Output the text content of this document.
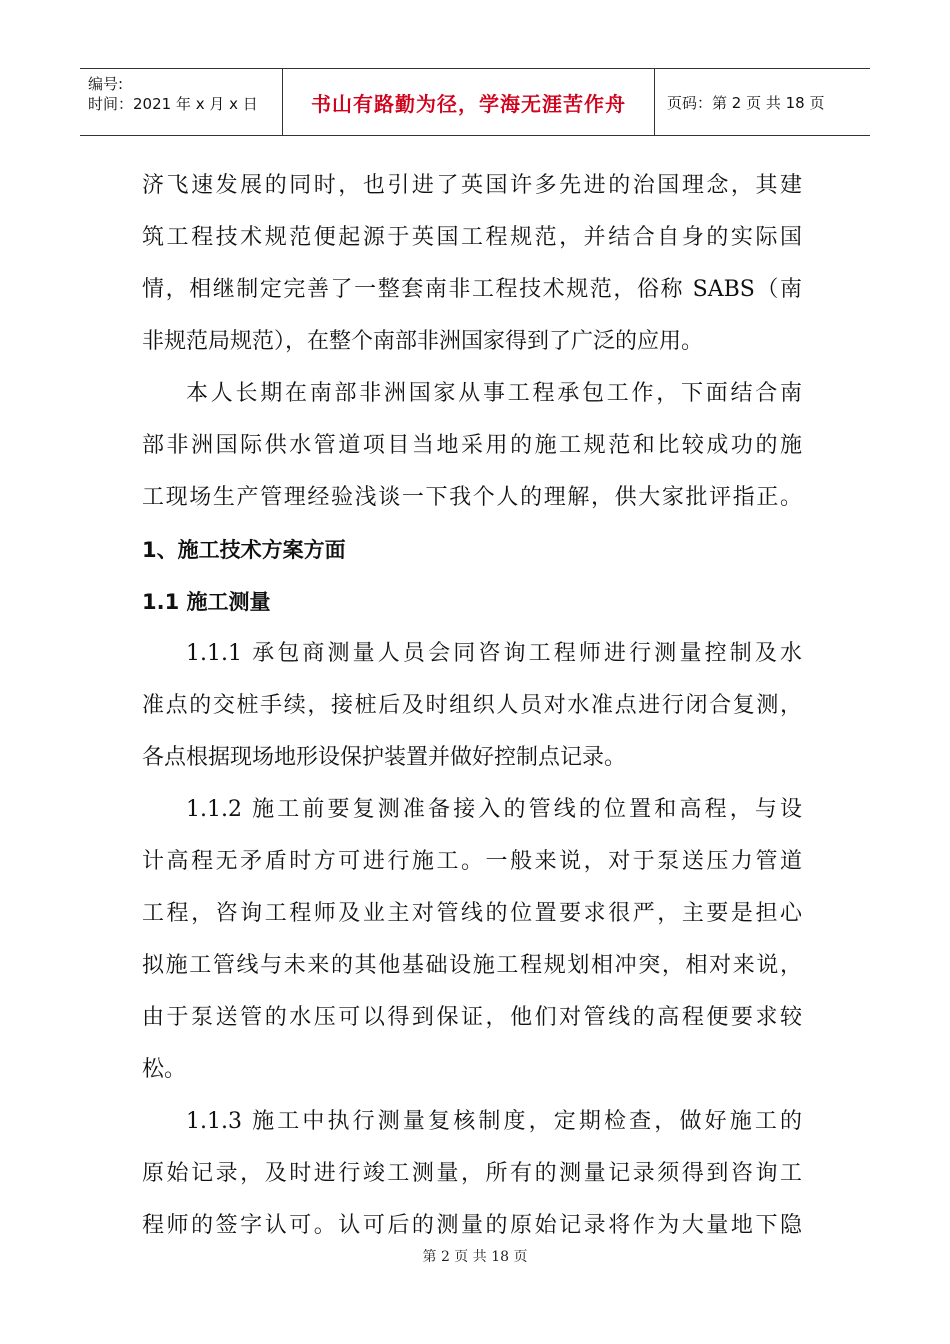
编号:
时间：2021 年 x 月 x 日	书山有路勤为径，学海无涯苦作舟	页码：第 2 页 共 18 页
济飞速发展的同时，也引进了英国许多先进的治国理念，其建
筑工程技术规范便起源于英国工程规范，并结合自身的实际国
情，相继制定完善了一整套南非工程技术规范，俗称 SABS（南
非规范局规范），在整个南部非洲国家得到了广泛的应用。
本人长期在南部非洲国家从事工程承包工作，下面结合南
部非洲国际供水管道项目当地采用的施工规范和比较成功的施
工现场生产管理经验浅谈一下我个人的理解，供大家批评指正。
1、施工技术方案方面
1.1 施工测量
1.1.1 承包商测量人员会同咨询工程师进行测量控制及水
准点的交桩手续，接桩后及时组织人员对水准点进行闭合复测，
各点根据现场地形设保护装置并做好控制点记录。
1.1.2 施工前要复测准备接入的管线的位置和高程，与设
计高程无矛盾时方可进行施工。一般来说，对于泵送压力管道
工程，咨询工程师及业主对管线的位置要求很严，主要是担心
拟施工管线与未来的其他基础设施工程规划相冲突，相对来说，
由于泵送管的水压可以得到保证，他们对管线的高程便要求较
松。
1.1.3 施工中执行测量复核制度，定期检查，做好施工的
原始记录，及时进行竣工测量，所有的测量记录须得到咨询工
程师的签字认可。认可后的测量的原始记录将作为大量地下隐
第 2 页 共 18 页
